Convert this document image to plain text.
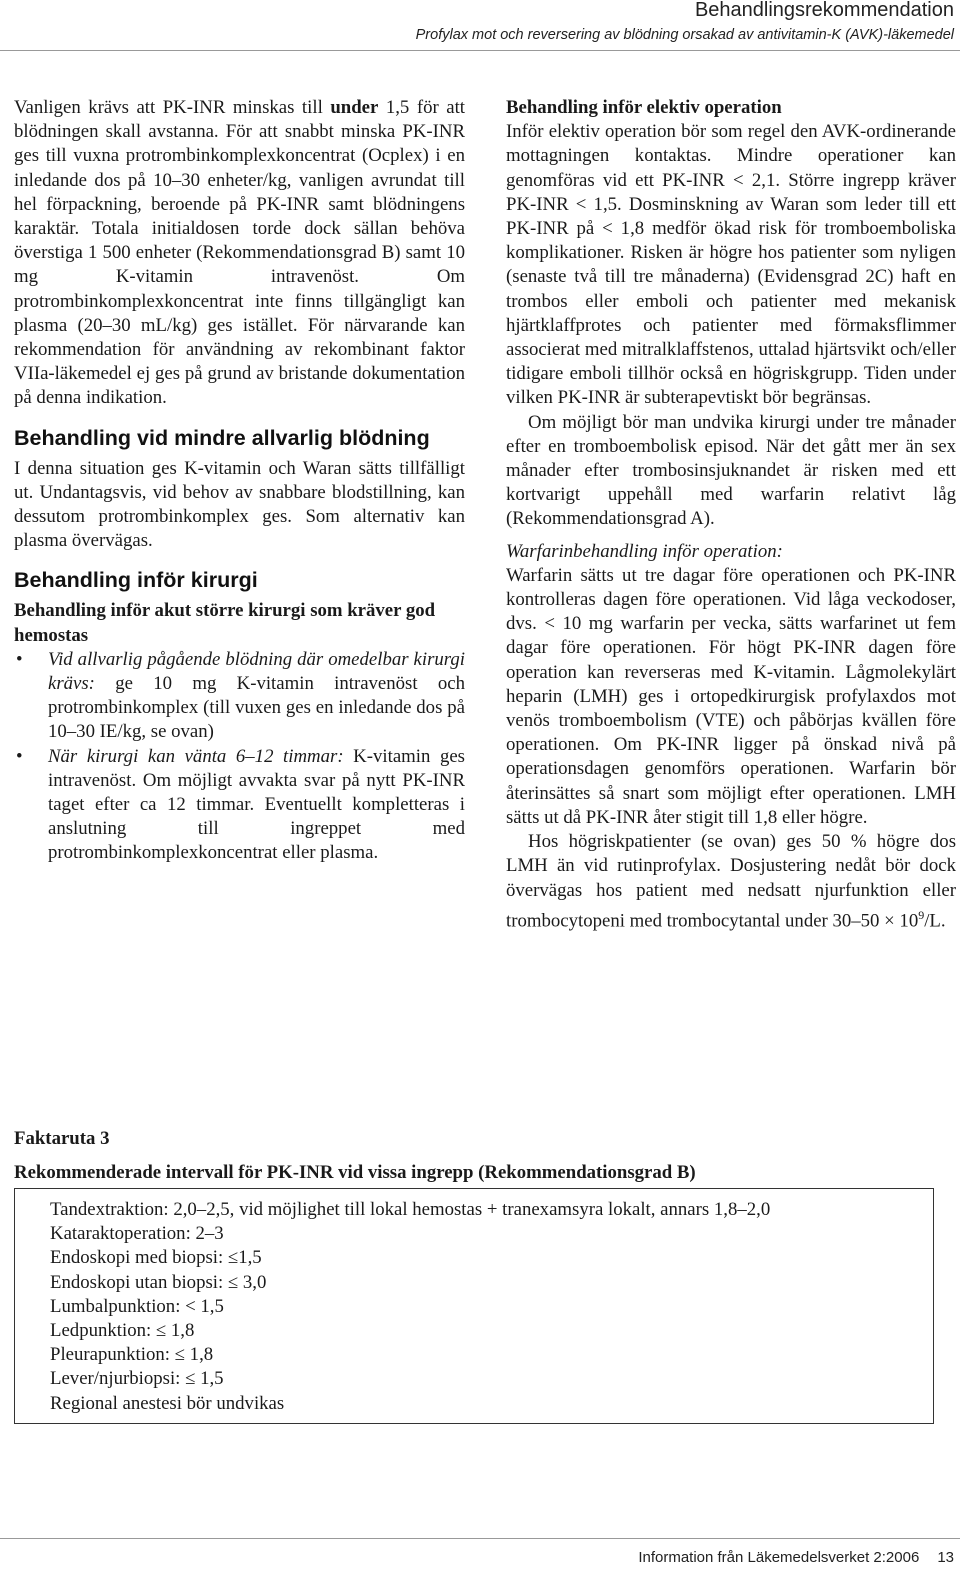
Behandlingsrekommendation
Profylax mot och reversering av blödning orsakad av antivitamin-K (AVK)-läkemedel

Vanligen krävs att PK-INR minskas till under 1,5 för att blödningen skall avstanna. För att snabbt minska PK-INR ges till vuxna protrombinkomplexkoncentrat (Ocplex) i en inledande dos på 10–30 enheter/kg, vanligen avrundat till hel förpackning, beroende på PK-INR samt blödningens karaktär. Totala initialdosen torde dock sällan behöva överstiga 1 500 enheter (Rekommendationsgrad B) samt 10 mg K-vitamin intravenöst. Om protrombinkomplexkoncentrat inte finns tillgängligt kan plasma (20–30 mL/kg) ges istället. För närvarande kan rekommendation för användning av rekombinant faktor VIIa-läkemedel ej ges på grund av bristande dokumentation på denna indikation.

Behandling vid mindre allvarlig blödning

I denna situation ges K-vitamin och Waran sätts tillfälligt ut. Undantagsvis, vid behov av snabbare blodstillning, kan dessutom protrombinkomplex ges. Som alternativ kan plasma övervägas.

Behandling inför kirurgi
Behandling inför akut större kirurgi som kräver god hemostas
• Vid allvarlig pågående blödning där omedelbar kirurgi krävs: ge 10 mg K-vitamin intravenöst och protrombinkomplex (till vuxen ges en inledande dos på 10–30 IE/kg, se ovan)
• När kirurgi kan vänta 6–12 timmar: K-vitamin ges intravenöst. Om möjligt avvakta svar på nytt PK-INR taget efter ca 12 timmar. Eventuellt kompletteras i anslutning till ingreppet med protrombinkomplexkoncentrat eller plasma.
Behandling inför elektiv operation

Inför elektiv operation bör som regel den AVK-ordinerande mottagningen kontaktas. Mindre operationer kan genomföras vid ett PK-INR < 2,1. Större ingrepp kräver PK-INR < 1,5. Dosminskning av Waran som leder till ett PK-INR på < 1,8 medför ökad risk för tromboemboliska komplikationer. Risken är högre hos patienter som nyligen (senaste två till tre månaderna) (Evidensgrad 2C) haft en trombos eller emboli och patienter med mekanisk hjärtklaffprotes och patienter med förmaksflimmer associerat med mitralklaffstenos, uttalad hjärtsvikt och/eller tidigare emboli tillhör också en högriskgrupp. Tiden under vilken PK-INR är subterapevtiskt bör begränsas.

Om möjligt bör man undvika kirurgi under tre månader efter en tromboembolisk episod. När det gått mer än sex månader efter trombosinsjuknandet är risken med ett kortvarigt uppehåll med warfarin relativt låg (Rekommendationsgrad A).

Warfarinbehandling inför operation:

Warfarin sätts ut tre dagar före operationen och PK-INR kontrolleras dagen före operationen. Vid låga veckodoser, dvs. < 10 mg warfarin per vecka, sätts warfarinet ut fem dagar före operationen. För högt PK-INR dagen före operation kan reverseras med K-vitamin. Lågmolekylärt heparin (LMH) ges i ortopedkirurgisk profylaxdos mot venös tromboembolism (VTE) och påbörjas kvällen före operationen. Om PK-INR ligger på önskad nivå på operationsdagen genomförs operationen. Warfarin bör återinsättes så snart som möjligt efter operationen. LMH sätts ut då PK-INR åter stigit till 1,8 eller högre.

Hos högriskpatienter (se ovan) ges 50 % högre dos LMH än vid rutinprofylax. Dosjustering nedåt bör dock övervägas hos patient med nedsatt njurfunktion eller trombocytopeni med trombocytantal under $30-50 \times 10^9/L$.

Faktaruta 3
Rekommenderade intervall för PK-INR vid vissa ingrepp (Rekommendationsgrad B)
Tandextraktion: 2,0–2,5, vid möjlighet till lokal hemostas + tranexamsyra lokalt, annars 1,8–2,0
Kataraktoperation: 2–3
Endoskopi med biopsi: ≤1,5
Endoskopi utan biopsi: ≤ 3,0
Lumbalpunktion: < 1,5
Ledpunktion: ≤ 1,8
Pleurapunktion: ≤ 1,8
Lever/njurbiopsi: ≤ 1,5
Regional anestesi bör undvikas
Information från Läkemedelsverket 2:2006 13
